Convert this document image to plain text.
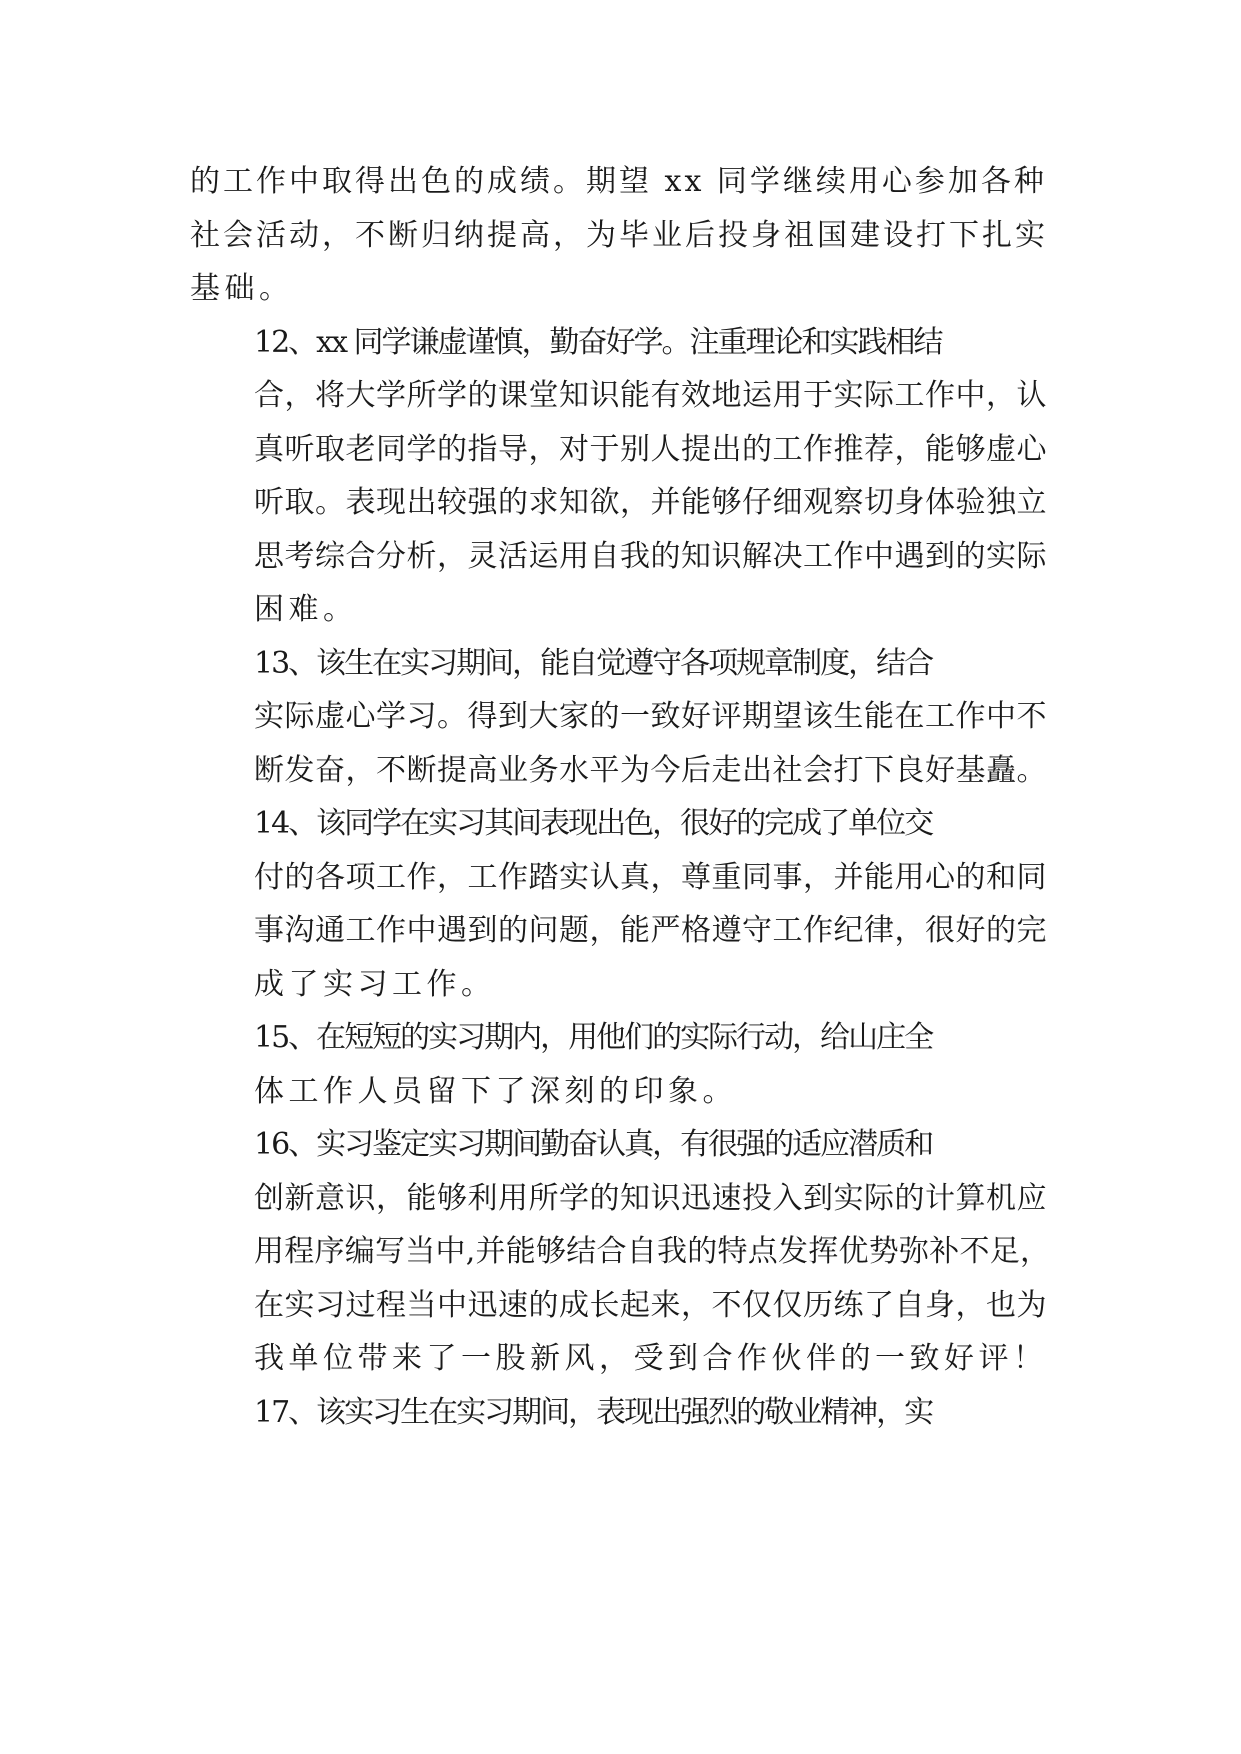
的工作中取得出色的成绩。期望 xx 同学继续用心参加各种
社会活动，不断归纳提高，为毕业后投身祖国建设打下扎实
基础。

12、xx 同学谦虚谨慎，勤奋好学。注重理论和实践相结
合，将大学所学的课堂知识能有效地运用于实际工作中，认
真听取老同学的指导，对于别人提出的工作推荐，能够虚心
听取。表现出较强的求知欲，并能够仔细观察切身体验独立
思考综合分析，灵活运用自我的知识解决工作中遇到的实际
困难。

13、该生在实习期间，能自觉遵守各项规章制度，结合
实际虚心学习。得到大家的一致好评期望该生能在工作中不
断发奋，不断提高业务水平为今后走出社会打下良好基矗。

14、该同学在实习其间表现出色，很好的完成了单位交
付的各项工作，工作踏实认真，尊重同事，并能用心的和同
事沟通工作中遇到的问题，能严格遵守工作纪律，很好的完
成了实习工作。

15、在短短的实习期内，用他们的实际行动，给山庄全
体工作人员留下了深刻的印象。

16、实习鉴定实习期间勤奋认真，有很强的适应潜质和
创新意识，能够利用所学的知识迅速投入到实际的计算机应
用程序编写当中,并能够结合自我的特点发挥优势弥补不足，
在实习过程当中迅速的成长起来，不仅仅历练了自身，也为
我单位带来了一股新风，受到合作伙伴的一致好评！

17、该实习生在实习期间，表现出强烈的敬业精神，实
